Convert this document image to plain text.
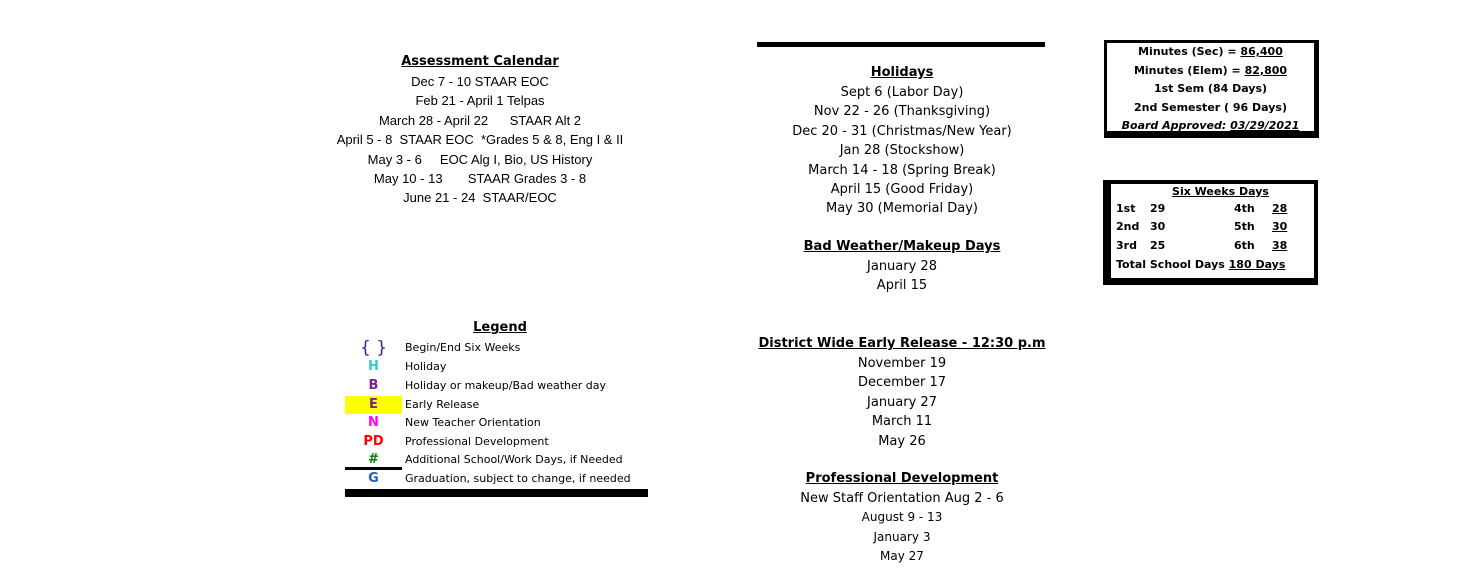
Assessment Calendar
Dec 7 - 10 STAAR EOC
Feb 21 - April 1 Telpas
March 28 - April 22      STAAR Alt 2
April 5 - 8  STAAR EOC  *Grades 5 & 8, Eng I & II
May 3 - 6     EOC Alg I, Bio, US History
May 10 - 13       STAAR Grades 3 - 8
June 21 - 24  STAAR/EOC
Legend
{ }	Begin/End Six Weeks
H	Holiday
B	Holiday or makeup/Bad weather day
E	Early Release
N	New Teacher Orientation
PD	Professional Development
#	Additional School/Work Days, if Needed
G	Graduation, subject to change, if needed
Holidays
Sept 6 (Labor Day)
Nov 22 - 26 (Thanksgiving)
Dec 20 - 31 (Christmas/New Year)
Jan 28 (Stockshow)
March 14 - 18 (Spring Break)
April 15 (Good Friday)
May 30 (Memorial Day)
Bad Weather/Makeup Days
January 28
April 15
District Wide Early Release - 12:30 p.m
November 19
December 17
January 27
March 11
May 26
Professional Development
New Staff Orientation Aug 2 - 6
August 9 - 13
January 3
May 27
Minutes (Sec) = 86,400
Minutes (Elem) = 82,800
1st Sem (84 Days)
2nd Semester ( 96 Days)
Board Approved: 03/29/2021
Six Weeks Days
1st	29	4th	28
2nd	30	5th	30
3rd	25	6th	38
Total School Days 180 Days			
